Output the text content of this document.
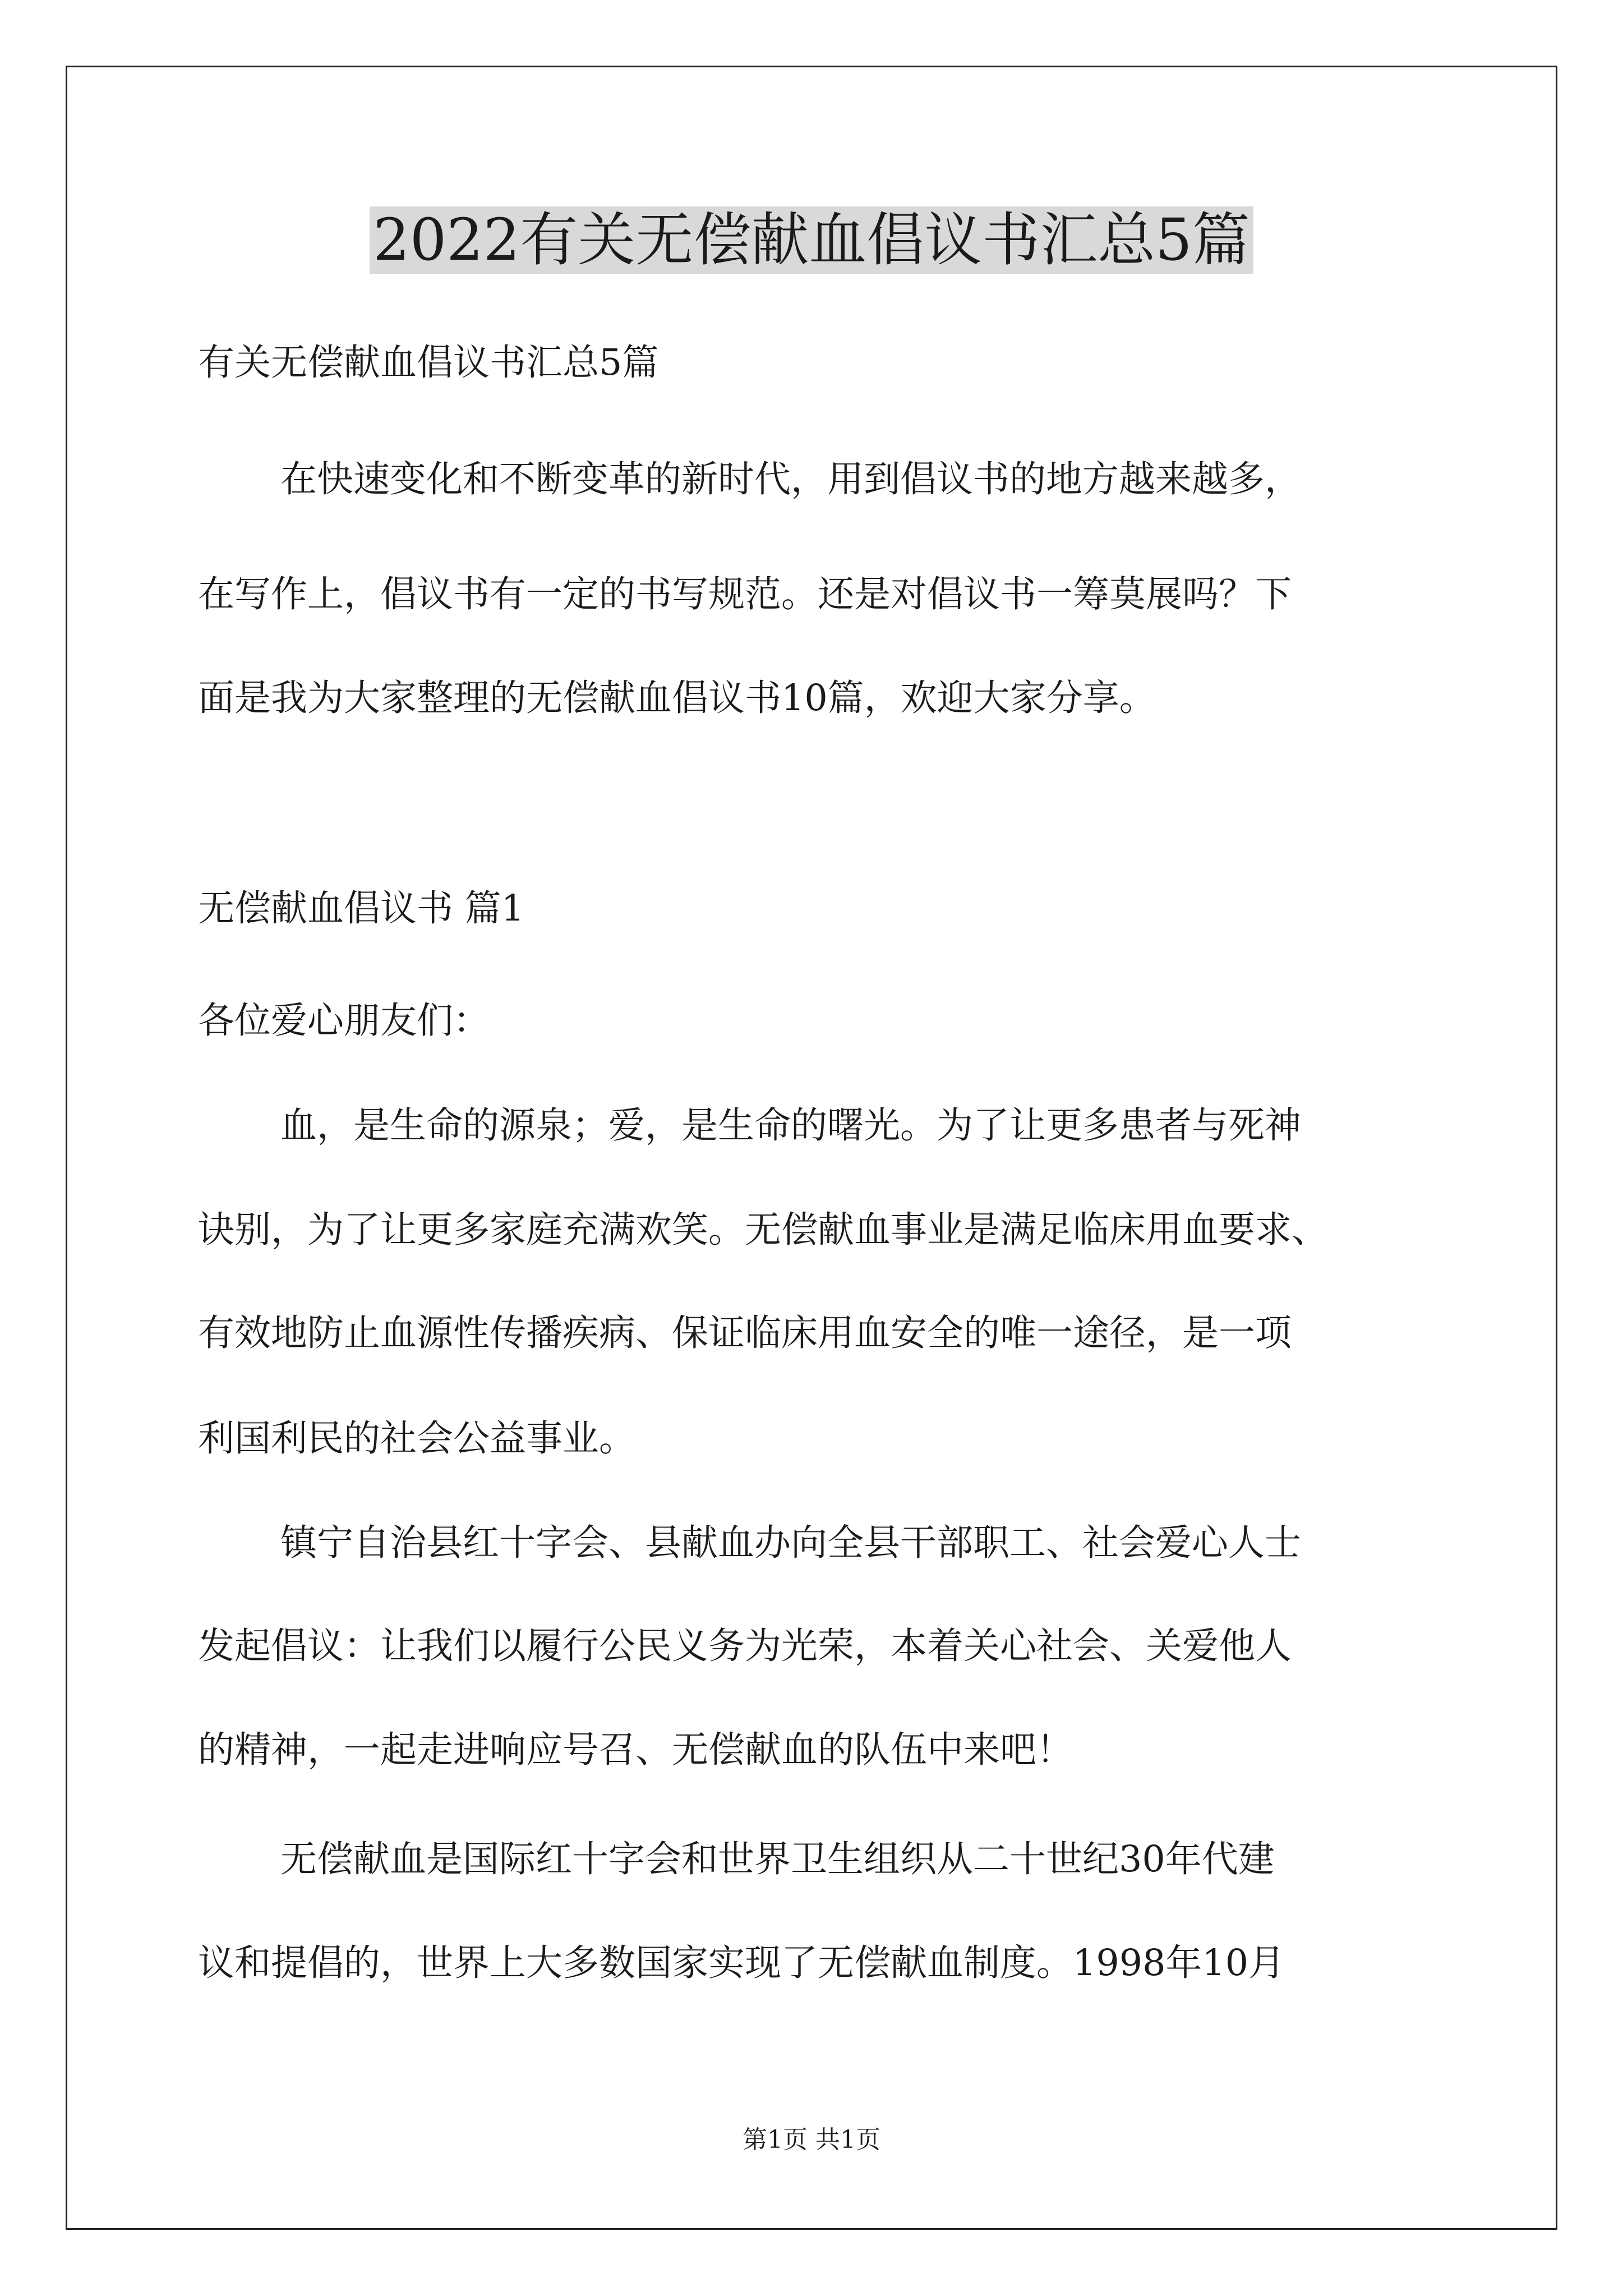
2022有关无偿献血倡议书汇总5篇
有关无偿献血倡议书汇总5篇
在快速变化和不断变革的新时代，用到倡议书的地方越来越多，
在写作上，倡议书有一定的书写规范。还是对倡议书一筹莫展吗？下
面是我为大家整理的无偿献血倡议书10篇，欢迎大家分享。
无偿献血倡议书 篇1
各位爱心朋友们：
血，是生命的源泉；爱，是生命的曙光。为了让更多患者与死神
诀别，为了让更多家庭充满欢笑。无偿献血事业是满足临床用血要求、
有效地防止血源性传播疾病、保证临床用血安全的唯一途径，是一项
利国利民的社会公益事业。
镇宁自治县红十字会、县献血办向全县干部职工、社会爱心人士
发起倡议：让我们以履行公民义务为光荣，本着关心社会、关爱他人
的精神，一起走进响应号召、无偿献血的队伍中来吧！
无偿献血是国际红十字会和世界卫生组织从二十世纪30年代建
议和提倡的，世界上大多数国家实现了无偿献血制度。1998年10月
第1页 共1页
